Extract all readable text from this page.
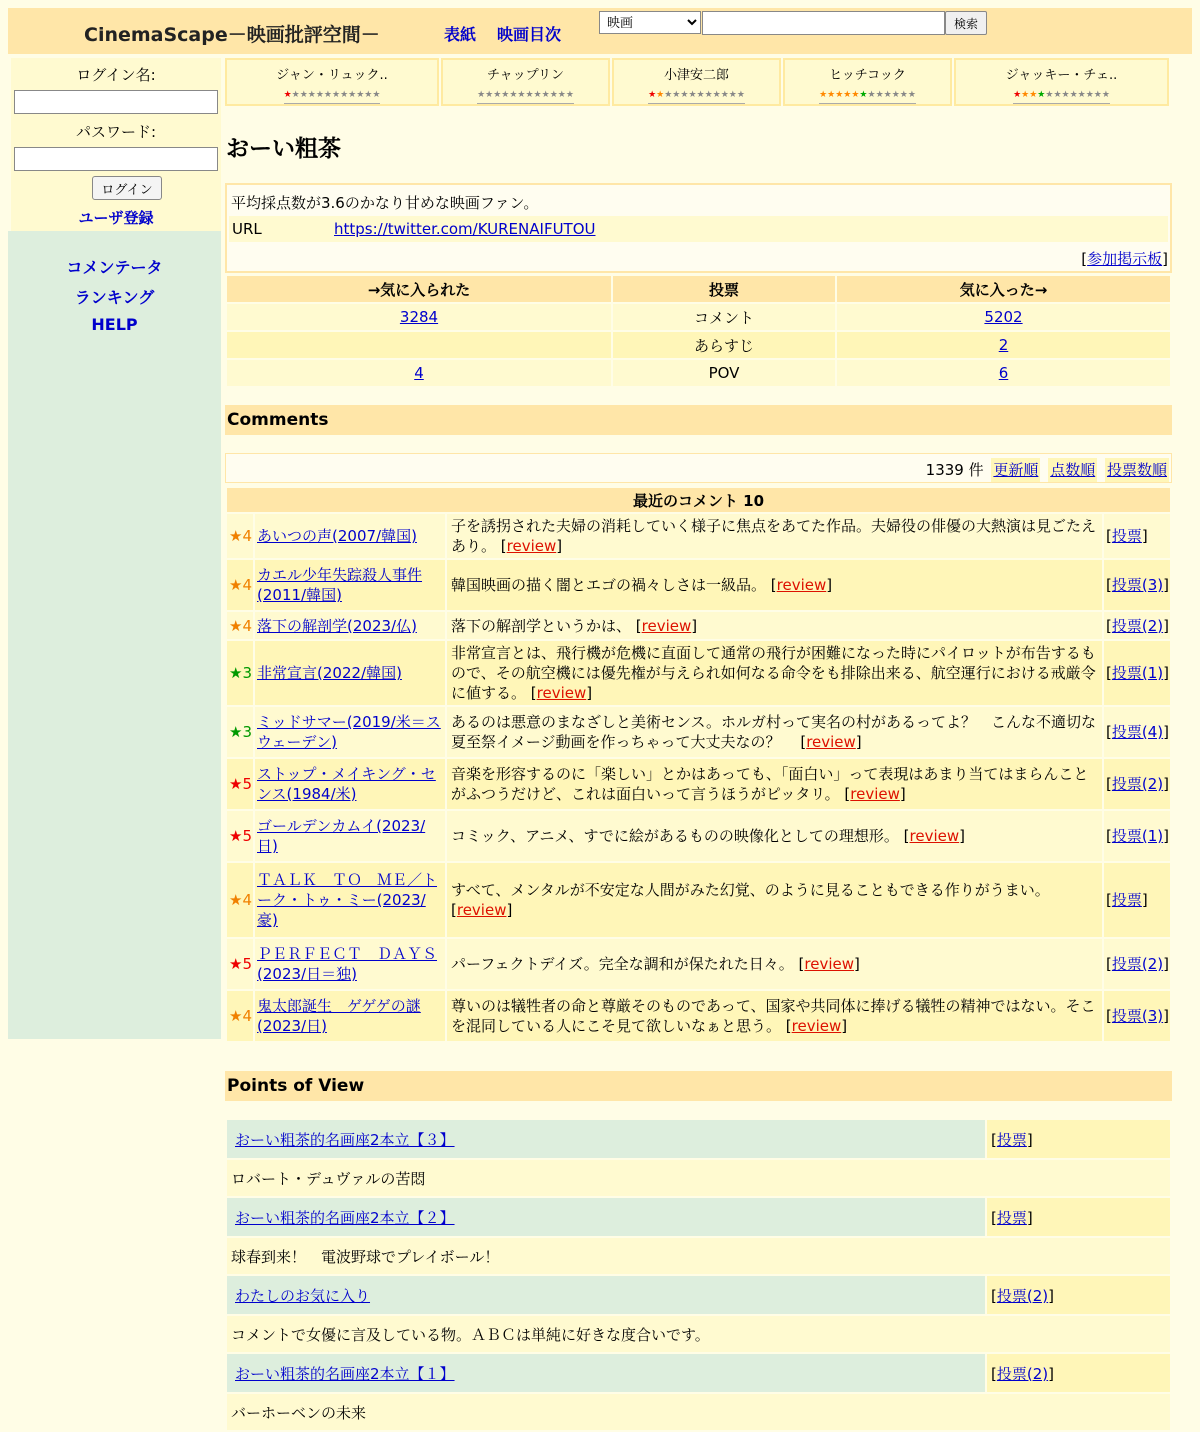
CinemaScape－映画批評空間－	表紙 映画目次
映画
検索
ログイン名:
パスワード:
ログイン
ユーザ登録
コメンテータ
ランキング
HELP
ジャン・リュック..
★★★★★★★★★★★★
チャップリン
★★★★★★★★★★★★
小津安二郎
★★★★★★★★★★★★
ヒッチコック
★★★★★★★★★★★★
ジャッキー・チェ..
★★★★★★★★★★★★
おーい粗茶
平均採点数が3.6のかなり甘めな映画ファン。
URL	https://twitter.com/KURENAIFUTOU
[参加掲示板]
→気に入られた	投票	気に入った→
3284	コメント	5202
	あらすじ	2
4	POV	6
Comments
1339 件 更新順 点数順 投票数順
最近のコメント 10			
★4	あいつの声(2007/韓国)	子を誘拐された夫婦の消耗していく様子に焦点をあてた作品。夫婦役の俳優の大熱演は見ごたえあり。 [review]	[投票]
★4	カエル少年失踪殺人事件(2011/韓国)	韓国映画の描く闇とエゴの禍々しさは一級品。 [review]	[投票(3)]
★4	落下の解剖学(2023/仏)	落下の解剖学というかは、 [review]	[投票(2)]
★3	非常宣言(2022/韓国)	非常宣言とは、飛行機が危機に直面して通常の飛行が困難になった時にパイロットが布告するもので、その航空機には優先権が与えられ如何なる命令をも排除出来る、航空運行における戒厳令に値する。 [review]	[投票(1)]
★3	ミッドサマー(2019/米＝スウェーデン)	あるのは悪意のまなざしと美術センス。ホルガ村って実名の村があるってよ？　こんな不適切な夏至祭イメージ動画を作っちゃって大丈夫なの？　 [review]	[投票(4)]
★5	ストップ・メイキング・センス(1984/米)	音楽を形容するのに「楽しい」とかはあっても、「面白い」って表現はあまり当てはまらんことがふつうだけど、これは面白いって言うほうがピッタリ。 [review]	[投票(2)]
★5	ゴールデンカムイ(2023/日)	コミック、アニメ、すでに絵があるものの映像化としての理想形。 [review]	[投票(1)]
★4	ＴＡＬＫ　ＴＯ　ＭＥ／トーク・トゥ・ミー(2023/豪)	すべて、メンタルが不安定な人間がみた幻覚、のように見ることもできる作りがうまい。 [review]	[投票]
★5	ＰＥＲＦＥＣＴ　ＤＡＹＳ(2023/日＝独)	パーフェクトデイズ。完全な調和が保たれた日々。 [review]	[投票(2)]
★4	鬼太郎誕生　ゲゲゲの謎(2023/日)	尊いのは犠牲者の命と尊厳そのものであって、国家や共同体に捧げる犠牲の精神ではない。そこを混同している人にこそ見て欲しいなぁと思う。 [review]	[投票(3)]
Points of View
おーい粗茶的名画座2本立【３】	[投票]
ロバート・デュヴァルの苦悶	
おーい粗茶的名画座2本立【２】	[投票]
球春到来！　電波野球でプレイボール！	
わたしのお気に入り	[投票(2)]
コメントで女優に言及している物。ＡＢＣは単純に好きな度合いです。	
おーい粗茶的名画座2本立【１】	[投票(2)]
バーホーベンの未来	
